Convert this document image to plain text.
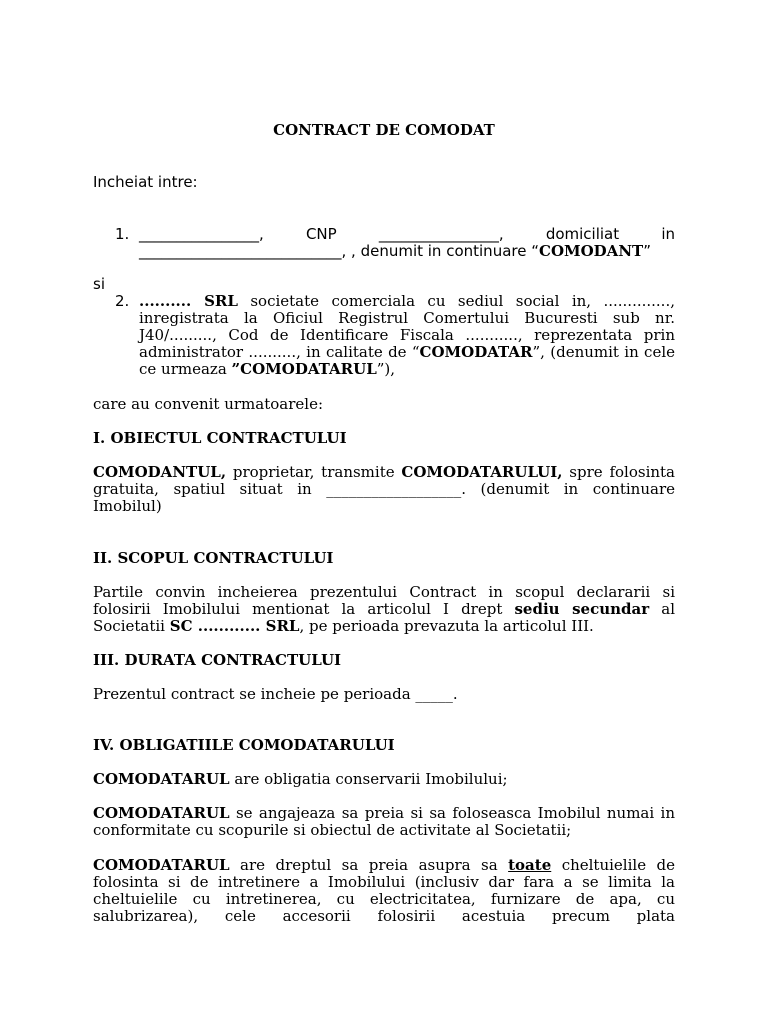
CONTRACT DE COMODAT
Incheiat intre:
1. ________________,	CNP	________________,	domiciliat	in
___________________________, , denumit in continuare “COMODANT”
si
2. .......... SRL societate comerciala cu sediul social in, .............., inregistrata la Oficiul Registrul Comertului Bucuresti sub nr. J40/........., Cod de Identificare Fiscala ..........., reprezentata prin administrator .........., in calitate de “COMODATAR”, (denumit in cele ce urmeaza ”COMODATARUL”),
care au convenit urmatoarele:
I. OBIECTUL CONTRACTULUI
COMODANTUL, proprietar, transmite COMODATARULUI, spre folosinta gratuita, spatiul situat in __________________. (denumit in continuare Imobilul)
II. SCOPUL CONTRACTULUI
Partile convin incheierea prezentului Contract in scopul declararii si folosirii Imobilului mentionat la articolul I drept sediu secundar al Societatii SC ............ SRL, pe perioada prevazuta la articolul III.
III. DURATA CONTRACTULUI
Prezentul contract se incheie pe perioada _____.
IV. OBLIGATIILE COMODATARULUI
COMODATARUL are obligatia conservarii Imobilului;
COMODATARUL se angajeaza sa preia si sa foloseasca Imobilul numai in conformitate cu scopurile si obiectul de activitate al Societatii;
COMODATARUL are dreptul sa preia asupra sa toate cheltuielile de folosinta si de intretinere a Imobilului (inclusiv dar fara a se limita la cheltuielile cu intretinerea, cu electricitatea, furnizare de apa, cu salubrizarea), cele accesorii folosirii acestuia precum plata
